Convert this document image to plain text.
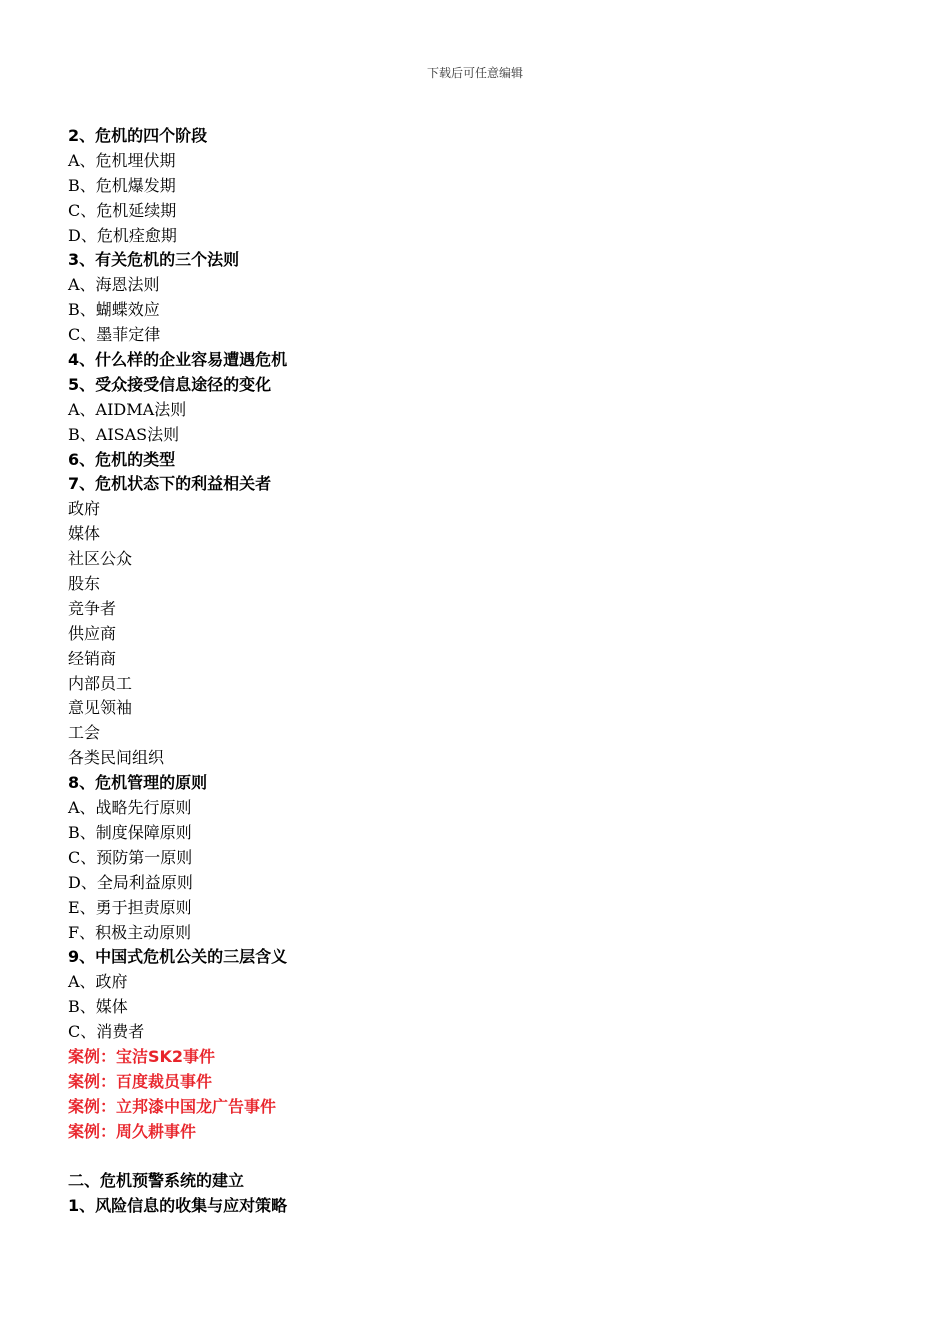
下载后可任意编辑
2、危机的四个阶段
A、危机埋伏期
B、危机爆发期
C、危机延续期
D、危机痊愈期
3、有关危机的三个法则
A、海恩法则
B、蝴蝶效应
C、墨菲定律
4、什么样的企业容易遭遇危机
5、受众接受信息途径的变化
A、AIDMA法则
B、AISAS法则
6、危机的类型
7、危机状态下的利益相关者
政府
媒体
社区公众
股东
竞争者
供应商
经销商
内部员工
意见领袖
工会
各类民间组织
8、危机管理的原则
A、战略先行原则
B、制度保障原则
C、预防第一原则
D、全局利益原则
E、勇于担责原则
F、积极主动原则
9、中国式危机公关的三层含义
A、政府
B、媒体
C、消费者
案例：宝洁SK2事件
案例：百度裁员事件
案例：立邦漆中国龙广告事件
案例：周久耕事件
二、危机预警系统的建立
1、风险信息的收集与应对策略
